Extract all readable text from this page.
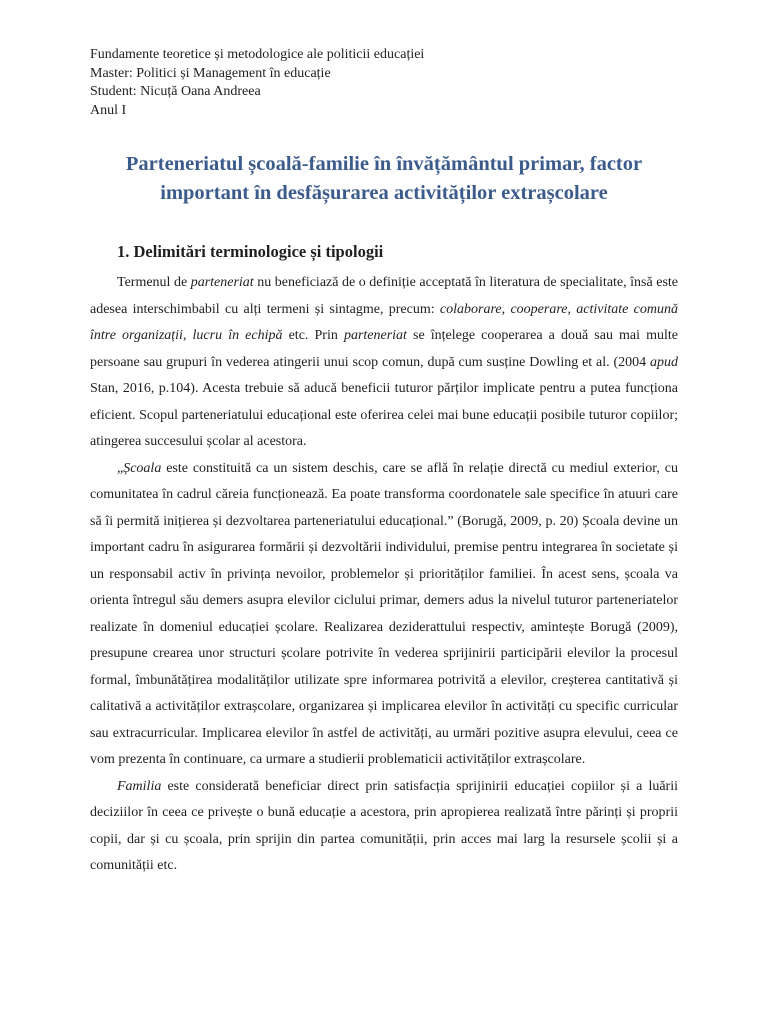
Fundamente teoretice și metodologice ale politicii educației
Master: Politici și Management în educație
Student: Nicuță Oana Andreea
Anul I
Parteneriatul școală-familie în învățământul primar, factor important în desfășurarea activităților extrașcolare
1. Delimitări terminologice și tipologii

Termenul de parteneriat nu beneficiază de o definiție acceptată în literatura de specialitate, însă este adesea interschimbabil cu alți termeni și sintagme, precum: colaborare, cooperare, activitate comună între organizații, lucru în echipă etc. Prin parteneriat se înțelege cooperarea a două sau mai multe persoane sau grupuri în vederea atingerii unui scop comun, după cum susține Dowling et al. (2004 apud Stan, 2016, p.104). Acesta trebuie să aducă beneficii tuturor părților implicate pentru a putea funcționa eficient. Scopul parteneriatului educațional este oferirea celei mai bune educații posibile tuturor copiilor; atingerea succesului școlar al acestora.

„Școala este constituită ca un sistem deschis, care se află în relație directă cu mediul exterior, cu comunitatea în cadrul căreia funcționează. Ea poate transforma coordonatele sale specifice în atuuri care să îi permită inițierea și dezvoltarea parteneriatului educațional.” (Borugă, 2009, p. 20) Școala devine un important cadru în asigurarea formării și dezvoltării individului, premise pentru integrarea în societate și un responsabil activ în privința nevoilor, problemelor și priorităților familiei. În acest sens, școala va orienta întregul său demers asupra elevilor ciclului primar, demers adus la nivelul tuturor parteneriatelor realizate în domeniul educației școlare. Realizarea deziderattului respectiv, amintește Borugă (2009), presupune crearea unor structuri școlare potrivite în vederea sprijinirii participării elevilor la procesul formal, îmbunătățirea modalităților utilizate spre informarea potrivită a elevilor, creșterea cantitativă și calitativă a activităților extrașcolare, organizarea și implicarea elevilor în activități cu specific curricular sau extracurricular. Implicarea elevilor în astfel de activități, au urmări pozitive asupra elevului, ceea ce vom prezenta în continuare, ca urmare a studierii problematicii activităților extrașcolare.

Familia este considerată beneficiar direct prin satisfacția sprijinirii educației copiilor și a luării deciziilor în ceea ce privește o bună educație a acestora, prin apropierea realizată între părinți și proprii copii, dar și cu școala, prin sprijin din partea comunității, prin acces mai larg la resursele școlii și a comunității etc.
